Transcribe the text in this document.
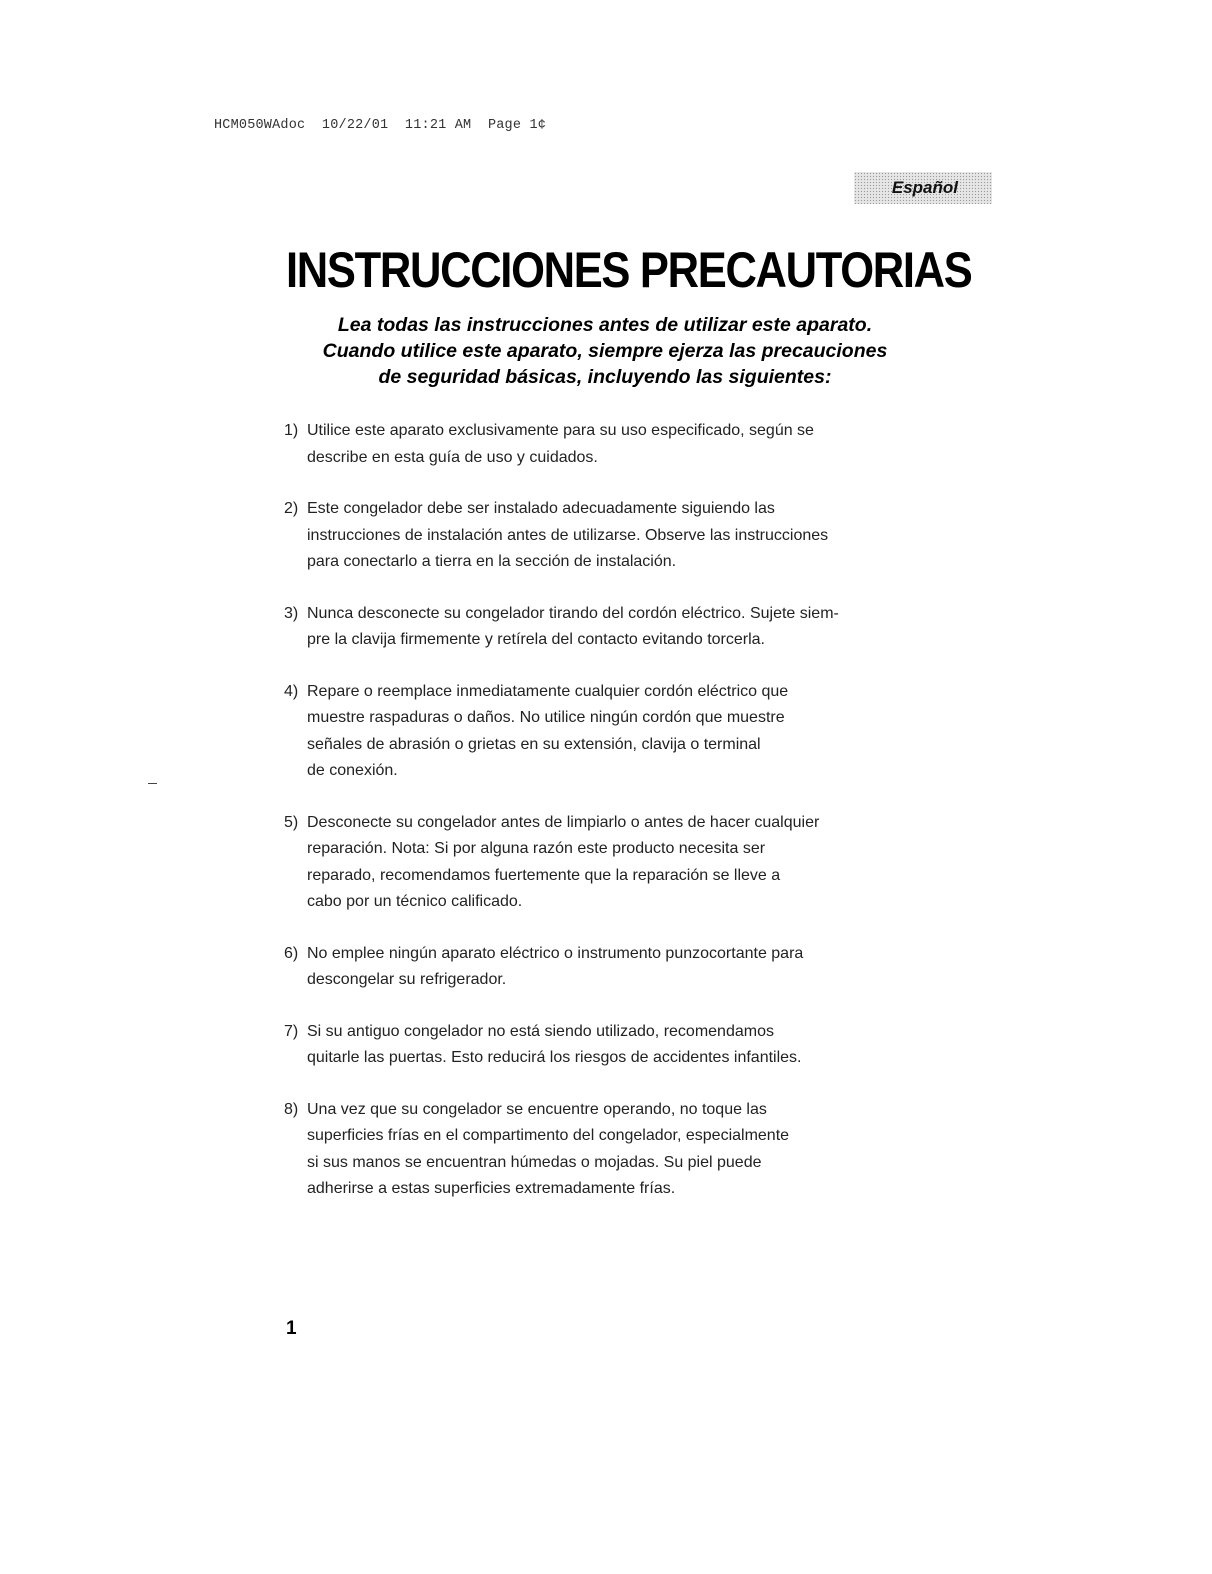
HCM050WAdoc  10/22/01  11:21 AM  Page 1¢
Español
INSTRUCCIONES PRECAUTORIAS
Lea todas las instrucciones antes de utilizar este aparato.
Cuando utilice este aparato, siempre ejerza las precauciones
de seguridad básicas, incluyendo las siguientes:
1) Utilice este aparato exclusivamente para su uso especificado, según se
describe en esta guía de uso y cuidados.
2) Este congelador debe ser instalado adecuadamente siguiendo las
instrucciones de instalación antes de utilizarse. Observe las instrucciones
para conectarlo a tierra en la sección de instalación.
3) Nunca desconecte su congelador tirando del cordón eléctrico. Sujete siem-
pre la clavija firmemente y retírela del contacto evitando torcerla.
4) Repare o reemplace inmediatamente cualquier cordón eléctrico que
muestre raspaduras o daños. No utilice ningún cordón que muestre
señales de abrasión o grietas en su extensión, clavija o terminal
de conexión.
5) Desconecte su congelador antes de limpiarlo o antes de hacer cualquier
reparación. Nota: Si por alguna razón este producto necesita ser
reparado, recomendamos fuertemente que la reparación se lleve a
cabo por un técnico calificado.
6) No emplee ningún aparato eléctrico o instrumento punzocortante para
descongelar su refrigerador.
7) Si su antiguo congelador no está siendo utilizado, recomendamos
quitarle las puertas. Esto reducirá los riesgos de accidentes infantiles.
8) Una vez que su congelador se encuentre operando, no toque las
superficies frías en el compartimento del congelador, especialmente
si sus manos se encuentran húmedas o mojadas. Su piel puede
adherirse a estas superficies extremadamente frías.
1
